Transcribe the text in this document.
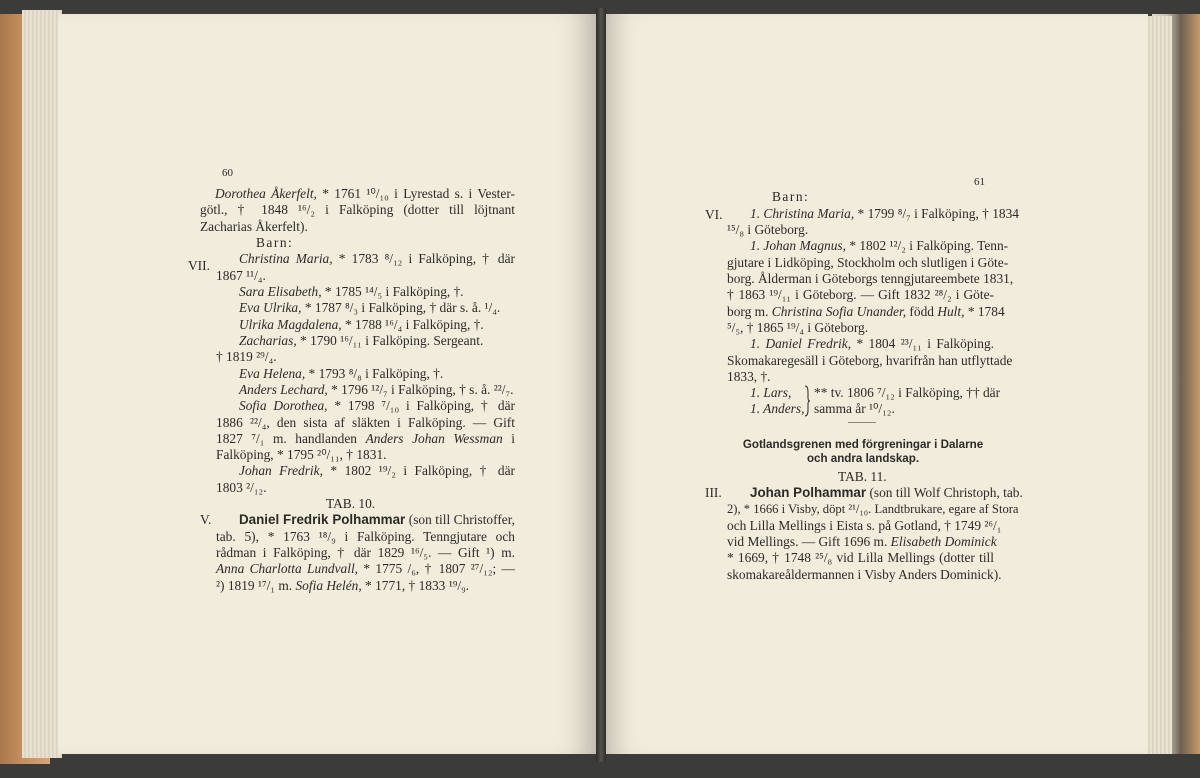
60
Dorothea Åkerfelt, * 1761 ¹⁰/₁₀ i Lyrestad s. i Vester-
götl., † 1848 ¹⁶/₂ i Falköping (dotter till löjtnant
Zacharias Åkerfelt).
Barn:
VII. Christina Maria, * 1783 ⁸/₁₂ i Falköping, † där
1867 ¹¹/₄.
Sara Elisabeth, * 1785 ¹⁴/₅ i Falköping, †.
Eva Ulrika, * 1787 ⁸/₃ i Falköping, † där s. å. ¹/₄.
Ulrika Magdalena, * 1788 ¹⁶/₄ i Falköping, †.
Zacharias, * 1790 ¹⁶/₁₁ i Falköping. Sergeant.
† 1819 ²⁹/₄.
Eva Helena, * 1793 ⁸/₈ i Falköping, †.
Anders Lechard, * 1796 ¹²/₇ i Falköping, † s. å. ²²/₇.
Sofia Dorothea, * 1798 ⁷/₁₀ i Falköping, † där
1886 ²²/₄, den sista af släkten i Falköping. — Gift
1827 ⁷/₁ m. handlanden Anders Johan Wessman i
Falköping, * 1795 ²⁰/₁₁, † 1831.
Johan Fredrik, * 1802 ¹⁹/₂ i Falköping, † där
1803 ²/₁₂.
TAB. 10.
V. Daniel Fredrik Polhammar (son till Christoffer,
tab. 5), * 1763 ¹⁸/₉ i Falköping. Tenngjutare och
rådman i Falköping, † där 1829 ¹⁶/₅. — Gift ¹) m.
Anna Charlotta Lundvall, * 1775 /₆, † 1807 ²⁷/₁₂; —
²) 1819 ¹⁷/₁ m. Sofia Helén, * 1771, † 1833 ¹⁹/₉.
61
Barn:
VI. 1. Christina Maria, * 1799 ⁸/₇ i Falköping, † 1834
¹⁵/₈ i Göteborg.
1. Johan Magnus, * 1802 ¹²/₂ i Falköping. Tenn-
gjutare i Lidköping, Stockholm och slutligen i Göte-
borg. Ålderman i Göteborgs tenngjutareembete 1831,
† 1863 ¹⁹/₁₁ i Göteborg. — Gift 1832 ²⁸/₂ i Göte-
borg m. Christina Sofia Unander, född Hult, * 1784
⁵/₅, † 1865 ¹⁹/₄ i Göteborg.
1. Daniel Fredrik, * 1804 ²³/₁₁ i Falköping.
Skomakaregesäll i Göteborg, hvarifrån han utflyttade
1833, †.
1. Lars, ** tv. 1806 ⁷/₁₂ i Falköping, †† där
1. Anders, samma år ¹⁰/₁₂.
Gotlandsgrenen med förgreningar i Dalarne
och andra landskap.
TAB. 11.
III. Johan Polhammar (son till Wolf Christoph, tab.
2), * 1666 i Visby, döpt ²¹/₁₀. Landtbrukare, egare af Stora
och Lilla Mellings i Eista s. på Gotland, † 1749 ²⁶/₁
vid Mellings. — Gift 1696 m. Elisabeth Dominick
* 1669, † 1748 ²⁵/₈ vid Lilla Mellings (dotter till
skomakareåldermannen i Visby Anders Dominick).
